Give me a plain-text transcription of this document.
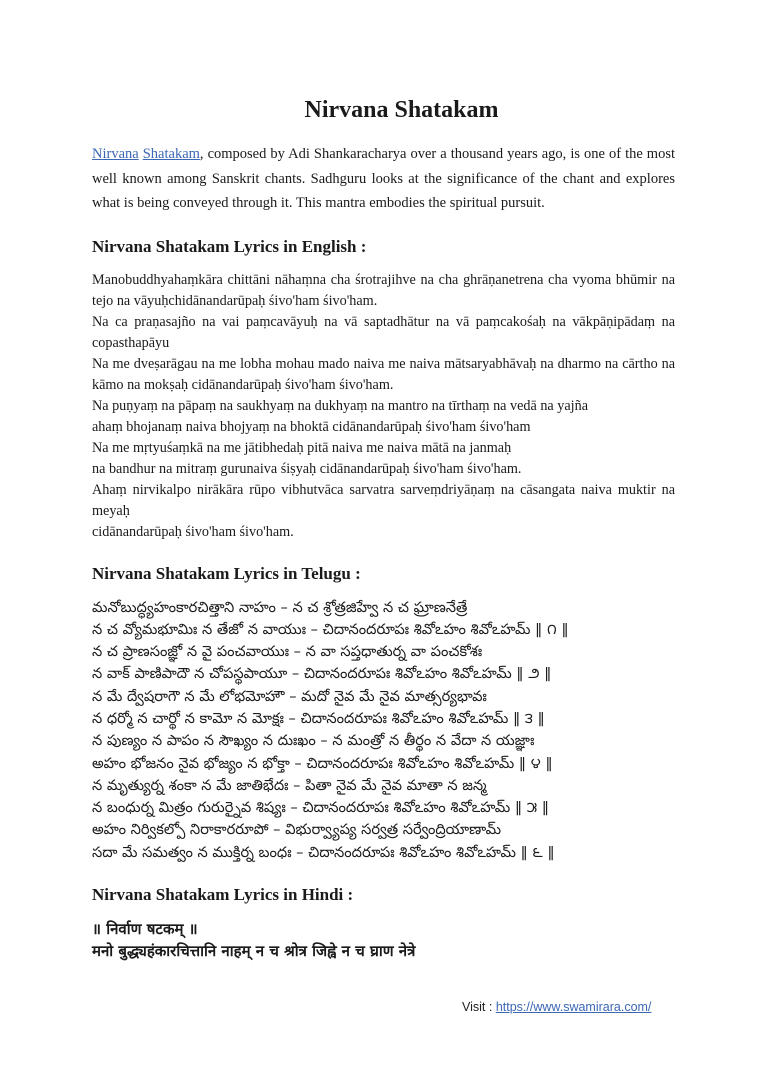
Nirvana Shatakam

Nirvana Shatakam, composed by Adi Shankaracharya over a thousand years ago, is one of the most well known among Sanskrit chants. Sadhguru looks at the significance of the chant and explores what is being conveyed through it. This mantra embodies the spiritual pursuit.

Nirvana Shatakam Lyrics in English :
Manobuddhyahaṃkāra chittāni nāhaṃna cha śrotrajihve na cha ghrāṇanetrena cha vyoma bhūmir na tejo na vāyuḥchidānandarūpaḥ śivo'ham śivo'ham.
Na ca praṇasajño na vai paṃcavāyuḥ na vā saptadhātur na vā paṃcakośaḥ na vākpāṇipādaṃ na copasthapāyu
Na me dveṣarāgau na me lobha mohau mado naiva me naiva mātsaryabhāvaḥ na dharmo na cārtho na kāmo na mokṣaḥ cidānandarūpaḥ śivo'ham śivo'ham.
Na puṇyaṃ na pāpaṃ na saukhyaṃ na dukhyaṃ na mantro na tīrthaṃ na vedā na yajña
ahaṃ bhojanaṃ naiva bhojyaṃ na bhoktā cidānandarūpaḥ śivo'ham śivo'ham
Na me mṛtyuśaṃkā na me jātibhedaḥ pitā naiva me naiva mātā na janmaḥ
na bandhur na mitraṃ gurunaiva śiṣyaḥ cidānandarūpaḥ śivo'ham śivo'ham.
Ahaṃ nirvikalpo nirākāra rūpo vibhutvāca sarvatra sarveṃdriyāṇaṃ na cāsangata naiva muktir na meyaḥ
cidānandarūpaḥ śivo'ham śivo'ham.
Nirvana Shatakam Lyrics in Telugu :
మనోబుద్ధ్యహంకారచిత్తాని నాహం – న చ శ్రోత్రజిహ్వే న చ ఘ్రాణనేత్రే
న చ వ్యోమభూమిః న తేజో న వాయుః – చిదానందరూపః శివోఽహం శివోఽహమ్ ‖ ౧ ‖
న చ ప్రాణసంజ్ఞో న వై పంచవాయుః – న వా సప్తధాతుర్న వా పంచకోశః
న వాక్ పాణిపాదౌ న చోపస్థపాయూ – చిదానందరూపః శివోఽహం శివోఽహమ్ ‖ ౨ ‖
న మే ద్వేషరాగౌ న మే లోభమోహౌ – మదో నైవ మే నైవ మాత్సర్యభావః
న ధర్మో న చార్థో న కామో న మోక్షః – చిదానందరూపః శివోఽహం శివోఽహమ్ ‖ ౩ ‖
న పుణ్యం న పాపం న సౌఖ్యం న దుఃఖం – న మంత్రో న తీర్థం న వేదా న యజ్ఞాః
అహం భోజనం నైవ భోజ్యం న భోక్తా – చిదానందరూపః శివోఽహం శివోఽహమ్ ‖ ౪ ‖
న మృత్యుర్న శంకా న మే జాతిభేదః – పితా నైవ మే నైవ మాతా న జన్మ
న బంధుర్న మిత్రం గురుర్నైవ శిష్యః – చిదానందరూపః శివోఽహం శివోఽహమ్ ‖ ౫ ‖
అహం నిర్వికల్పో నిరాకారరూపో – విభుర్వ్యాప్య సర్వత్ర సర్వేంద్రియాణామ్
సదా మే సమత్వం న ముక్తిర్న బంధః – చిదానందరూపః శివోఽహం శివోఽహమ్ ‖ ౬ ‖
Nirvana Shatakam Lyrics in Hindi :
॥ निर्वाण षटकम् ॥
मनो बुद्ध्यहंकारचित्तानि नाहम् न च श्रोत्र जिह्वे न च घ्राण नेत्रे
Visit : https://www.swamirara.com/
